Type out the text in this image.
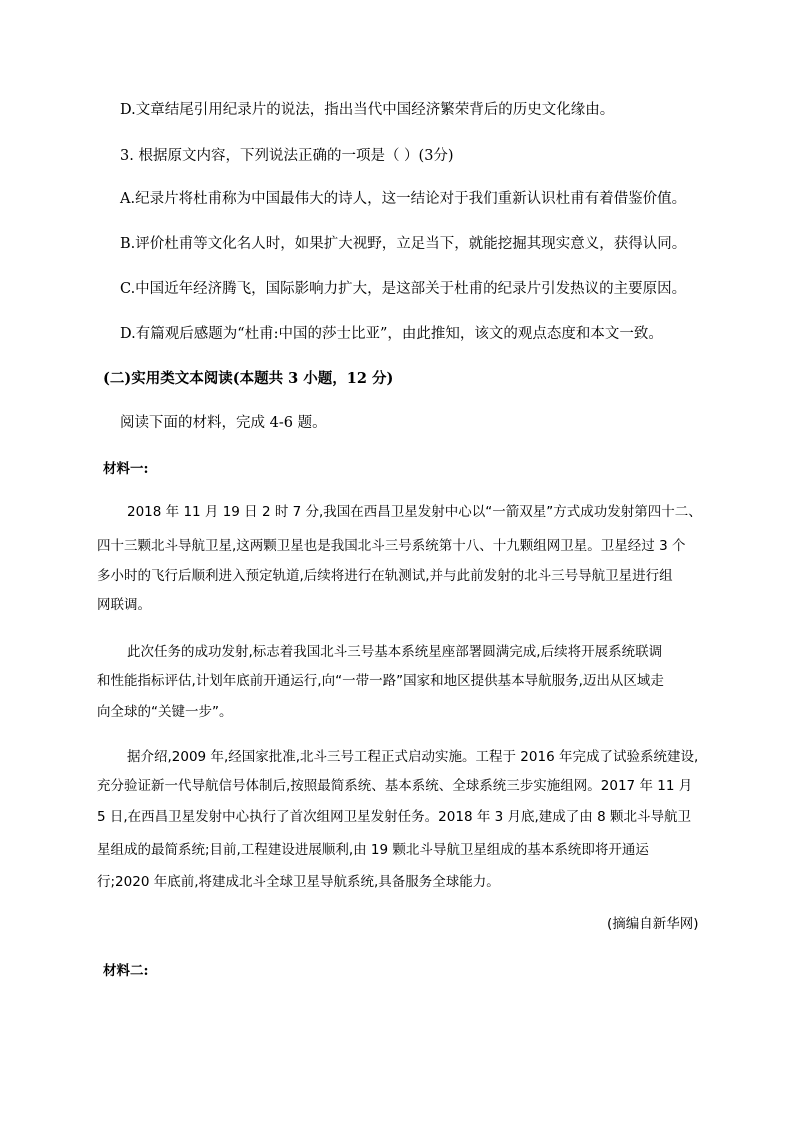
D.文章结尾引用纪录片的说法，指出当代中国经济繁荣背后的历史文化缘由。
3. 根据原文内容，下列说法正确的一项是（ ）(3分)
A.纪录片将杜甫称为中国最伟大的诗人，这一结论对于我们重新认识杜甫有着借鉴价值。
B.评价杜甫等文化名人时，如果扩大视野，立足当下，就能挖掘其现实意义，获得认同。
C.中国近年经济腾飞，国际影响力扩大，是这部关于杜甫的纪录片引发热议的主要原因。
D.有篇观后感题为“杜甫:中国的莎士比亚”，由此推知，该文的观点态度和本文一致。
(二)实用类文本阅读(本题共 3 小题，12 分)
阅读下面的材料，完成 4-6 题。
材料一:
2018 年 11 月 19 日 2 时 7 分,我国在西昌卫星发射中心以“一箭双星”方式成功发射第四十二、
四十三颗北斗导航卫星,这两颗卫星也是我国北斗三号系统第十八、十九颗组网卫星。卫星经过 3 个
多小时的飞行后顺利进入预定轨道,后续将进行在轨测试,并与此前发射的北斗三号导航卫星进行组
网联调。
此次任务的成功发射,标志着我国北斗三号基本系统星座部署圆满完成,后续将开展系统联调
和性能指标评估,计划年底前开通运行,向“一带一路”国家和地区提供基本导航服务,迈出从区域走
向全球的“关键一步”。
据介绍,2009 年,经国家批准,北斗三号工程正式启动实施。工程于 2016 年完成了试验系统建设,
充分验证新一代导航信号体制后,按照最简系统、基本系统、全球系统三步实施组网。2017 年 11 月
5 日,在西昌卫星发射中心执行了首次组网卫星发射任务。2018 年 3 月底,建成了由 8 颗北斗导航卫
星组成的最简系统;目前,工程建设进展顺利,由 19 颗北斗导航卫星组成的基本系统即将开通运
行;2020 年底前,将建成北斗全球卫星导航系统,具备服务全球能力。
(摘编自新华网)
材料二:
